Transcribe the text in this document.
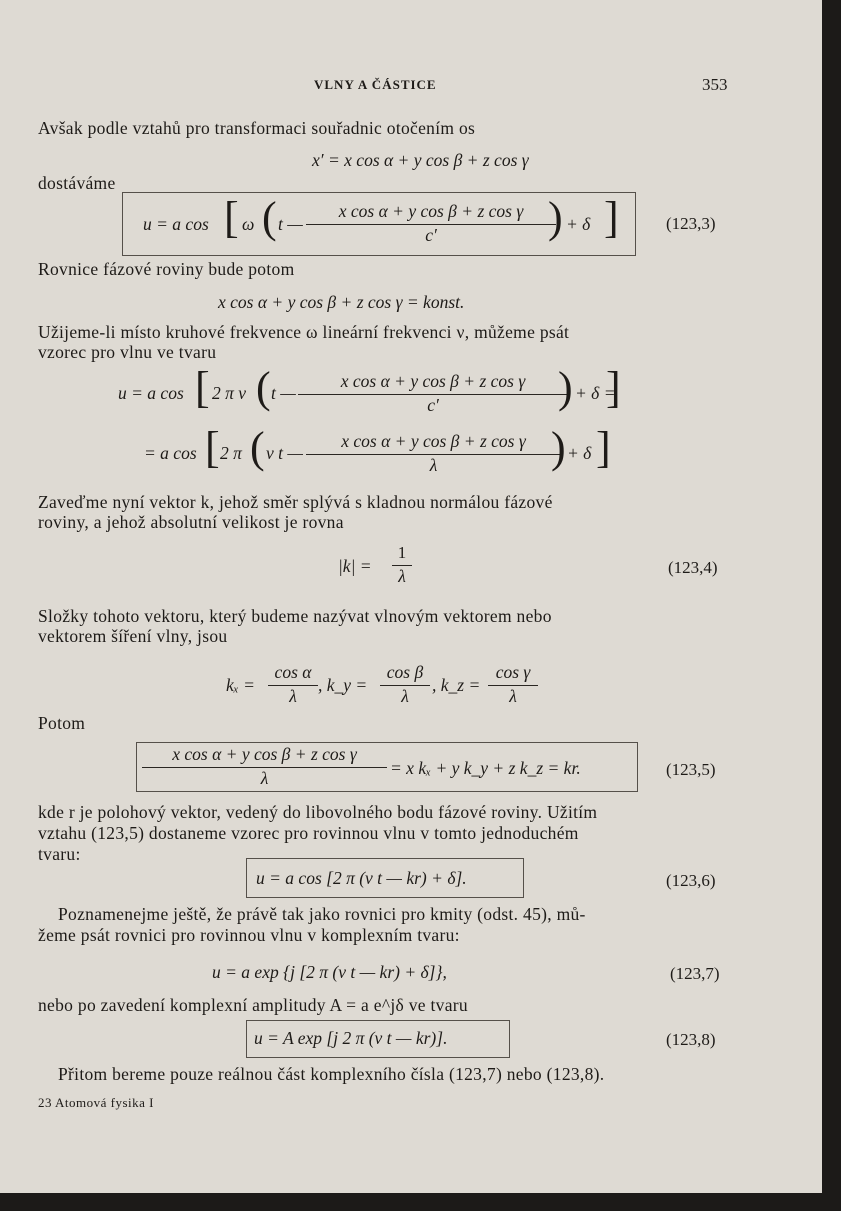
VLNY A ČÁSTICE	353
Avšak podle vztahů pro transformaci souřadnic otočením os
x′ = x cos α + y cos β + z cos γ
dostáváme
u = a cos [ ω ( t — $\frac{\text{x cos α + y cos β + z cos γ}}{c'}$
) + δ ]	(123,3)
Rovnice fázové roviny bude potom
x cos α + y cos β + z cos γ = konst.
Užijeme-li místo kruhové frekvence ω lineární frekvenci ν, můžeme psát
vzorec pro vlnu ve tvaru
u = a cos [ 2 π ν ( t — $\frac{\text{x cos α + y cos β + z cos γ}}{c'}$
) + δ =
]
= a cos [ 2 π ( ν t — $\frac{\text{x cos α + y cos β + z cos γ}}{\lambda}$
) + δ ]
Zaveďme nyní vektor k, jehož směr splývá s kladnou normálou fázové
roviny, a jehož absolutní velikost je rovna
$|k| = \frac{1}{\lambda}$	(123,4)
Složky tohoto vektoru, který budeme nazývat vlnovým vektorem nebo
vektorem šíření vlny, jsou
$k_x = \frac{\text{cos α}}{\lambda}$ , k_y = $\frac{\text{cos β}}{\lambda}$ , k_z = $\frac{\text{cos γ}}{\lambda}$
Potom
$\frac{\text{x cos α + y cos β + z cos γ}}{\lambda} = x$ kₓ + y k_y + z k_z = kr.	(123,5)
kde r je polohový vektor, vedený do libovolného bodu fázové roviny. Užitím
vztahu (123,5) dostaneme vzorec pro rovinnou vlnu v tomto jednoduchém
tvaru:
u = a cos [2 π (ν t — kr) + δ].	(123,6)
Poznamenejme ještě, že právě tak jako rovnici pro kmity (odst. 45), mů-
žeme psát rovnici pro rovinnou vlnu v komplexním tvaru:
u = a exp {j [2 π (ν t — kr) + δ]},	(123,7)
nebo po zavedení komplexní amplitudy A = a e^jδ ve tvaru
u = A exp [j 2 π (ν t — kr)].	(123,8)
Přitom bereme pouze reálnou část komplexního čísla (123,7) nebo (123,8).
23 Atomová fysika I
